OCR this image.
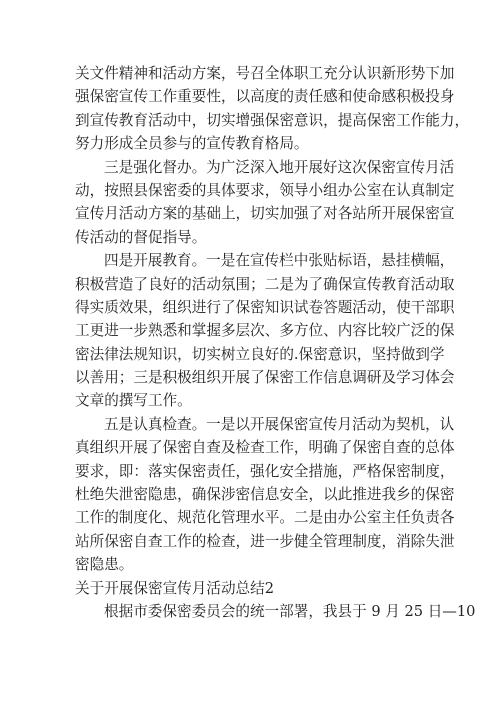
关文件精神和活动方案，号召全体职工充分认识新形势下加
强保密宣传工作重要性，以高度的责任感和使命感积极投身
到宣传教育活动中，切实增强保密意识，提高保密工作能力，
努力形成全员参与的宣传教育格局。
三是强化督办。为广泛深入地开展好这次保密宣传月活
动，按照县保密委的具体要求，领导小组办公室在认真制定
宣传月活动方案的基础上，切实加强了对各站所开展保密宣
传活动的督促指导。
四是开展教育。一是在宣传栏中张贴标语，悬挂横幅，
积极营造了良好的活动氛围；二是为了确保宣传教育活动取
得实质效果，组织进行了保密知识试卷答题活动，使干部职
工更进一步熟悉和掌握多层次、多方位、内容比较广泛的保
密法律法规知识，切实树立良好的.保密意识，坚持做到学
以善用；三是积极组织开展了保密工作信息调研及学习体会
文章的撰写工作。
五是认真检查。一是以开展保密宣传月活动为契机，认
真组织开展了保密自查及检查工作，明确了保密自查的总体
要求，即：落实保密责任，强化安全措施，严格保密制度，
杜绝失泄密隐患，确保涉密信息安全，以此推进我乡的保密
工作的制度化、规范化管理水平。二是由办公室主任负责各
站所保密自查工作的检查，进一步健全管理制度，消除失泄
密隐患。
关于开展保密宣传月活动总结2
根据市委保密委员会的统一部署，我县于 9 月 25 日—10
